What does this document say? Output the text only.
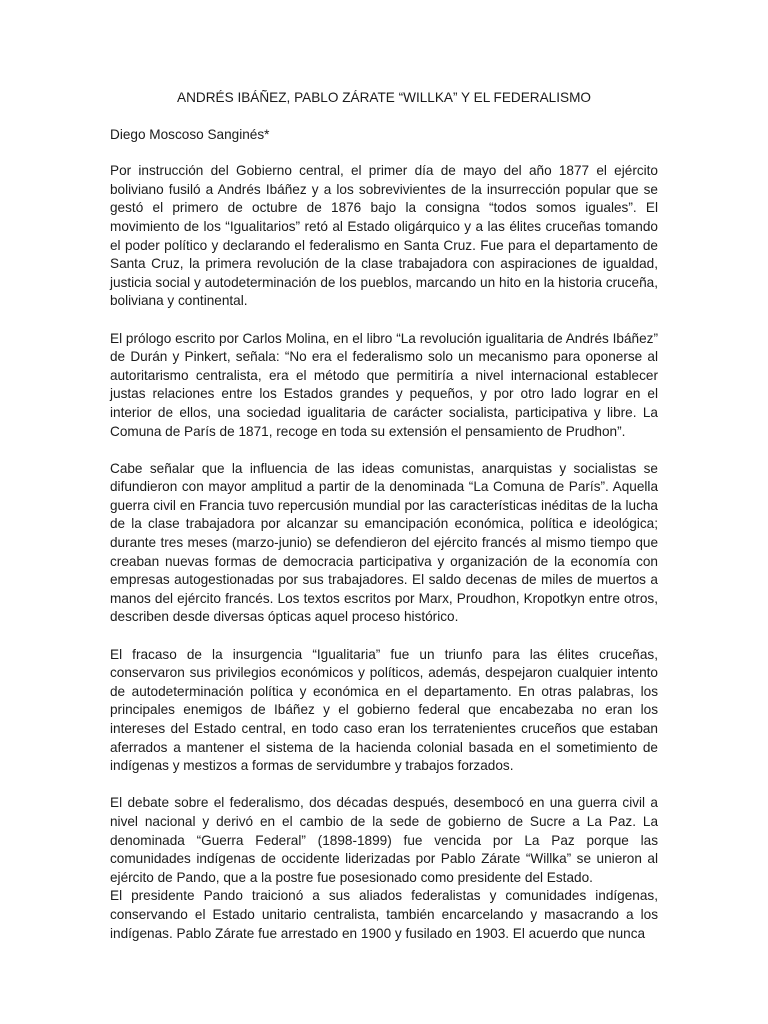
ANDRÉS IBÁÑEZ, PABLO ZÁRATE “WILLKA” Y EL FEDERALISMO
Diego Moscoso Sanginés*

Por instrucción del Gobierno central, el primer día de mayo del año 1877 el ejército boliviano fusiló a Andrés Ibáñez y a los sobrevivientes de la insurrección popular que se gestó el primero de octubre de 1876 bajo la consigna “todos somos iguales”. El movimiento de los “Igualitarios” retó al Estado oligárquico y a las élites cruceñas tomando el poder político y declarando el federalismo en Santa Cruz. Fue para el departamento de Santa Cruz, la primera revolución de la clase trabajadora con aspiraciones de igualdad, justicia social y autodeterminación de los pueblos, marcando un hito en la historia cruceña, boliviana y continental.

El prólogo escrito por Carlos Molina, en el libro “La revolución igualitaria de Andrés Ibáñez” de Durán y Pinkert, señala: “No era el federalismo solo un mecanismo para oponerse al autoritarismo centralista, era el método que permitiría a nivel internacional establecer justas relaciones entre los Estados grandes y pequeños, y por otro lado lograr en el interior de ellos, una sociedad igualitaria de carácter socialista, participativa y libre. La Comuna de París de 1871, recoge en toda su extensión el pensamiento de Prudhon”.

Cabe señalar que la influencia de las ideas comunistas, anarquistas y socialistas se difundieron con mayor amplitud a partir de la denominada “La Comuna de París”. Aquella guerra civil en Francia tuvo repercusión mundial por las características inéditas de la lucha de la clase trabajadora por alcanzar su emancipación económica, política e ideológica; durante tres meses (marzo-junio) se defendieron del ejército francés al mismo tiempo que creaban nuevas formas de democracia participativa y organización de la economía con empresas autogestionadas por sus trabajadores. El saldo decenas de miles de muertos a manos del ejército francés. Los textos escritos por Marx, Proudhon, Kropotkyn entre otros, describen desde diversas ópticas aquel proceso histórico.

El fracaso de la insurgencia “Igualitaria” fue un triunfo para las élites cruceñas, conservaron sus privilegios económicos y políticos, además, despejaron cualquier intento de autodeterminación política y económica en el departamento. En otras palabras, los principales enemigos de Ibáñez y el gobierno federal que encabezaba no eran los intereses del Estado central, en todo caso eran los terratenientes cruceños que estaban aferrados a mantener el sistema de la hacienda colonial basada en el sometimiento de indígenas y mestizos a formas de servidumbre y trabajos forzados.

El debate sobre el federalismo, dos décadas después, desembocó en una guerra civil a nivel nacional y derivó en el cambio de la sede de gobierno de Sucre a La Paz. La denominada “Guerra Federal” (1898-1899) fue vencida por La Paz porque las comunidades indígenas de occidente liderizadas por Pablo Zárate “Willka” se unieron al ejército de Pando, que a la postre fue posesionado como presidente del Estado.

El presidente Pando traicionó a sus aliados federalistas y comunidades indígenas, conservando el Estado unitario centralista, también encarcelando y masacrando a los indígenas. Pablo Zárate fue arrestado en 1900 y fusilado en 1903. El acuerdo que nunca
